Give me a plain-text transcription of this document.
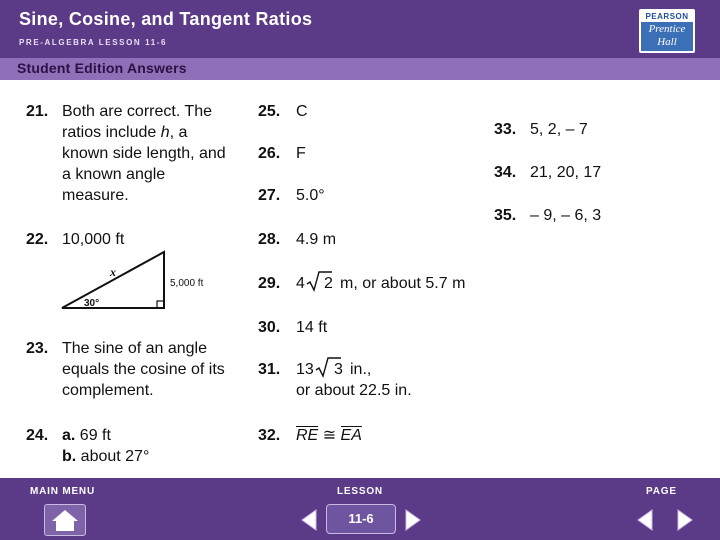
Sine, Cosine, and Tangent Ratios
PRE-ALGEBRA LESSON 11-6
PEARSON
Prentice
Hall
Student Edition Answers
21. Both are correct. The
ratios include h, a
known side length, and
a known angle
measure.
22. 10,000 ft
x
5,000 ft
30°
23. The sine of an angle
equals the cosine of its
complement.
24. a. 69 ft
b. about 27°
25. C
26. F
27. 5.0°
28. 4.9 m
29. 4 2 m, or about 5.7 m
30. 14 ft
31. 13 3 in.,
or about 22.5 in.
32. RE ≅ EA
33. 5, 2, – 7
34. 21, 20, 17
35. – 9, – 6, 3
MAIN MENU	LESSON	PAGE
11-6
